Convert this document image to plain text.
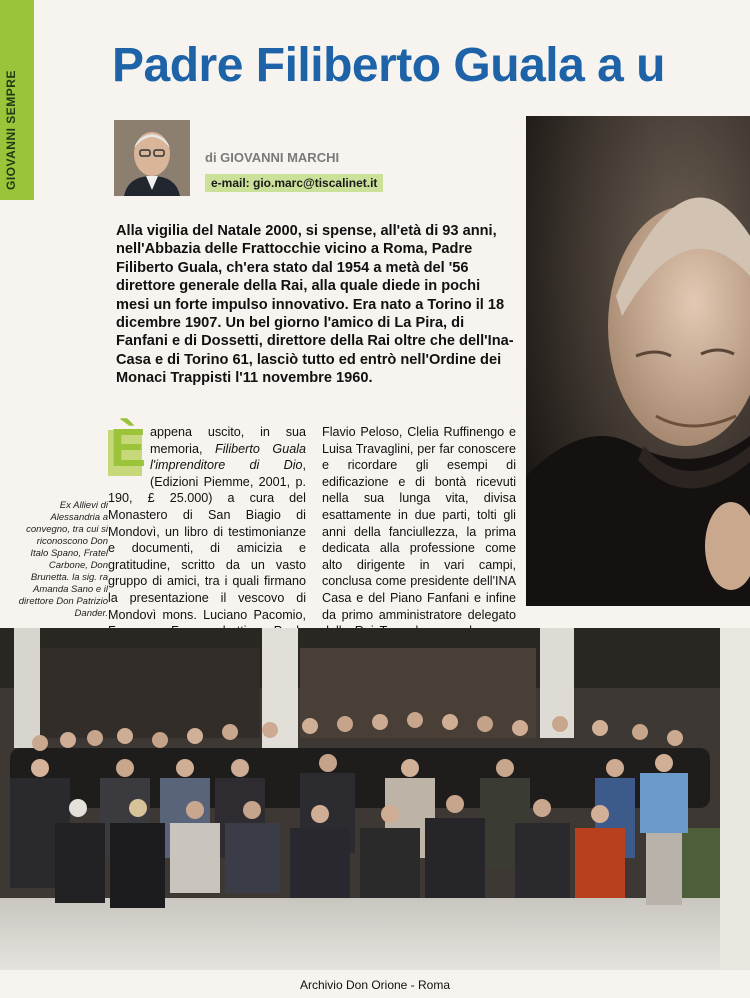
GIOVANNI SEMPRE
Padre Filiberto Guala a u
di GIOVANNI MARCHI
e-mail: gio.marc@tiscalinet.it
Alla vigilia del Natale 2000, si spense, all'età di 93 anni, nell'Abbazia delle Frattocchie vicino a Roma, Padre Filiberto Guala, ch'era stato dal 1954 a metà del '56 direttore generale della Rai, alla quale diede in pochi mesi un forte impulso innovativo. Era nato a Torino il 18 dicembre 1907. Un bel giorno l'amico di La Pira, di Fanfani e di Dossetti, direttore della Rai oltre che dell'Ina-Casa e di Torino 61, lasciò tutto ed entrò nell'Ordine dei Monaci Trappisti l'11 novembre 1960.
Ex Allievi di Alessandria a convegno, tra cui si riconoscono Don Italo Spano, Fratel Carbone, Don Brunetta. la sig. ra Amanda Sano e il direttore Don Patrizio Dander.
È appena uscito, in sua memoria, Filiberto Guala l'imprenditore di Dio, (Edizioni Piemme, 2001, p. 190, £ 25.000) a cura del Monastero di San Biagio di Mondovì, un libro di testimonianze e documenti, di amicizia e gratitudine, scritto da un vasto gruppo di amici, tra i quali firmano la presentazione il vescovo di Mondovì mons. Luciano Pacomio,
Flavio Peloso, Clelia Ruffinengo e Luisa Travaglini, per far conoscere e ricordare gli esempi di edificazione e di bontà ricevuti nella sua lunga vita, divisa esattamente in due parti, tolti gli anni della fanciullezza, la prima dedicata alla professione come alto dirigente in vari campi, conclusa come presidente dell'INA Casa e del Piano Fanfani e infine da primo amministratore delegato
Archivio Don Orione - Roma
